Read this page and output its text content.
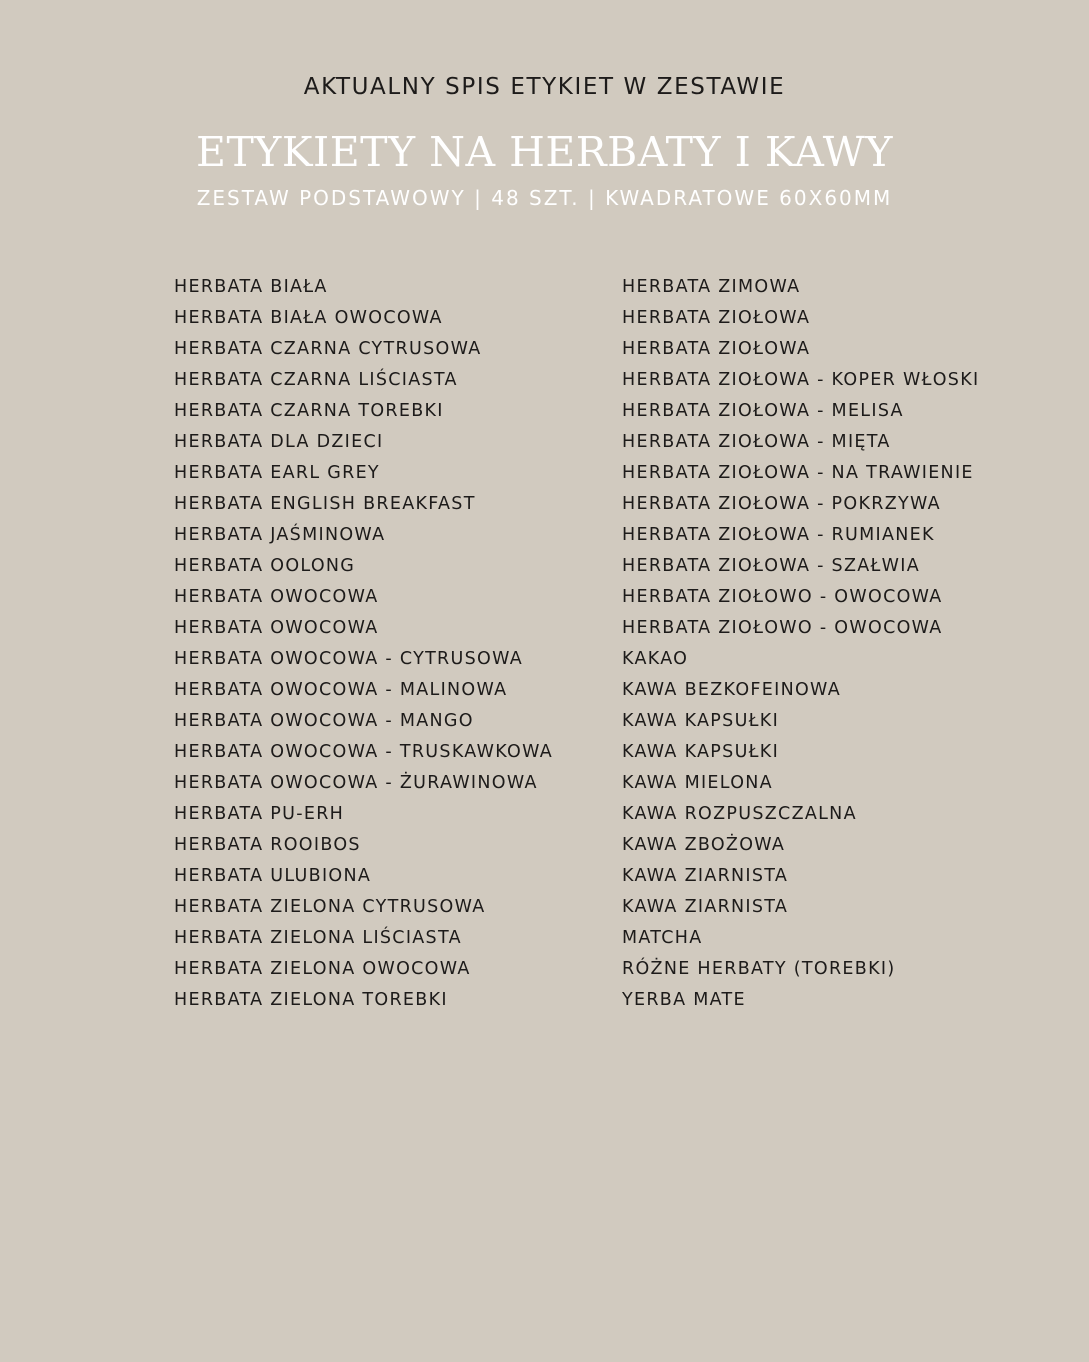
AKTUALNY SPIS ETYKIET W ZESTAWIE
ETYKIETY NA HERBATY I KAWY
ZESTAW PODSTAWOWY | 48 SZT. | KWADRATOWE 60X60MM
HERBATA BIAŁA
HERBATA BIAŁA OWOCOWA
HERBATA CZARNA CYTRUSOWA
HERBATA CZARNA LIŚCIASTA
HERBATA CZARNA TOREBKI
HERBATA DLA DZIECI
HERBATA EARL GREY
HERBATA ENGLISH BREAKFAST
HERBATA JAŚMINOWA
HERBATA OOLONG
HERBATA OWOCOWA
HERBATA OWOCOWA
HERBATA OWOCOWA - CYTRUSOWA
HERBATA OWOCOWA - MALINOWA
HERBATA OWOCOWA - MANGO
HERBATA OWOCOWA - TRUSKAWKOWA
HERBATA OWOCOWA - ŻURAWINOWA
HERBATA PU-ERH
HERBATA ROOIBOS
HERBATA ULUBIONA
HERBATA ZIELONA CYTRUSOWA
HERBATA ZIELONA LIŚCIASTA
HERBATA ZIELONA OWOCOWA
HERBATA ZIELONA TOREBKI
HERBATA ZIMOWA
HERBATA ZIOŁOWA
HERBATA ZIOŁOWA
HERBATA ZIOŁOWA - KOPER WŁOSKI
HERBATA ZIOŁOWA - MELISA
HERBATA ZIOŁOWA - MIĘTA
HERBATA ZIOŁOWA - NA TRAWIENIE
HERBATA ZIOŁOWA - POKRZYWA
HERBATA ZIOŁOWA - RUMIANEK
HERBATA ZIOŁOWA - SZAŁWIA
HERBATA ZIOŁOWO - OWOCOWA
HERBATA ZIOŁOWO - OWOCOWA
KAKAO
KAWA BEZKOFEINOWA
KAWA KAPSUŁKI
KAWA KAPSUŁKI
KAWA MIELONA
KAWA ROZPUSZCZALNA
KAWA ZBOŻOWA
KAWA ZIARNISTA
KAWA ZIARNISTA
MATCHA
RÓŻNE HERBATY (TOREBKI)
YERBA MATE
